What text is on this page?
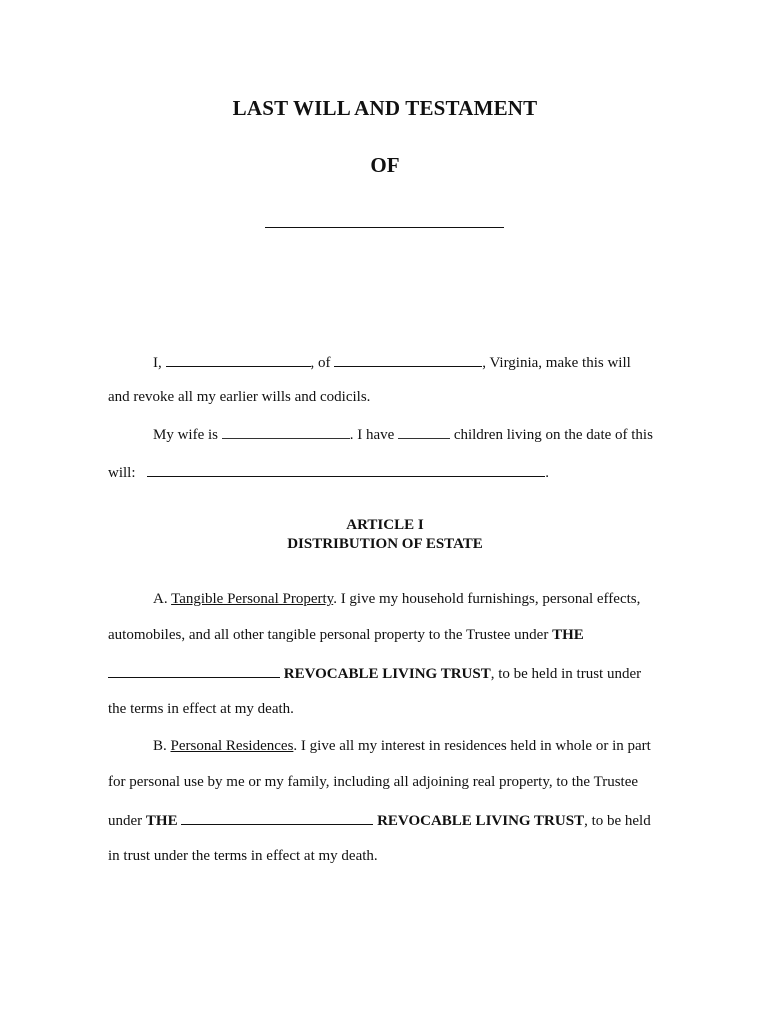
LAST WILL AND TESTAMENT
OF
I,	, of	, Virginia, make this will
and revoke all my earlier wills and codicils.
My wife is	. I have	children living on the date of this
will:	.
ARTICLE I
DISTRIBUTION OF ESTATE
A. Tangible Personal Property. I give my household furnishings, personal effects,
automobiles, and all other tangible personal property to the Trustee under THE
REVOCABLE LIVING TRUST, to be held in trust under
the terms in effect at my death.
B. Personal Residences. I give all my interest in residences held in whole or in part
for personal use by me or my family, including all adjoining real property, to the Trustee
under THE	REVOCABLE LIVING TRUST, to be held
in trust under the terms in effect at my death.
